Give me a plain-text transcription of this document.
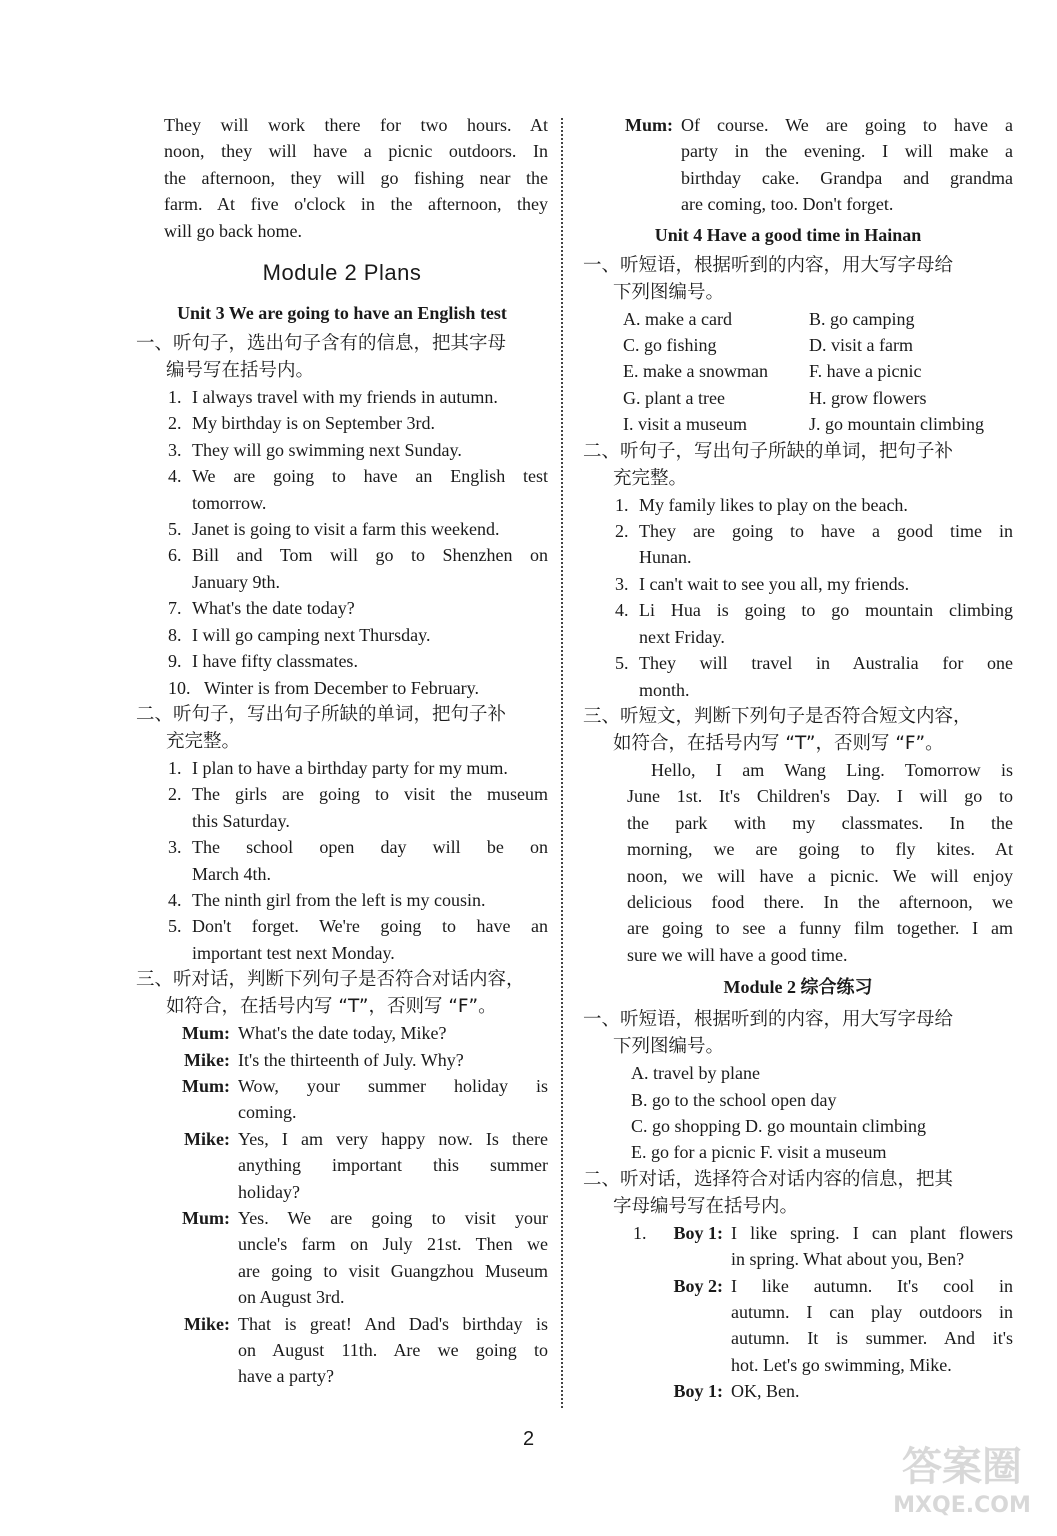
They will work there for two hours. At
noon, they will have a picnic outdoors. In
the afternoon, they will go fishing near the
farm. At five o'clock in the afternoon, they
will go back home.
Module 2 Plans
Unit 3 We are going to have an English test
一、听句子，选出句子含有的信息，把其字母
编号写在括号内。
1. I always travel with my friends in autumn.
2. My birthday is on September 3rd.
3. They will go swimming next Sunday.
4. We are going to have an English test
tomorrow.
5. Janet is going to visit a farm this weekend.
6. Bill and Tom will go to Shenzhen on
January 9th.
7. What's the date today?
8. I will go camping next Thursday.
9. I have fifty classmates.
10. Winter is from December to February.
二、听句子，写出句子所缺的单词，把句子补
充完整。
1. I plan to have a birthday party for my mum.
2. The girls are going to visit the museum
this Saturday.
3. The school open day will be on
March 4th.
4. The ninth girl from the left is my cousin.
5. Don't forget. We're going to have an
important test next Monday.
三、听对话，判断下列句子是否符合对话内容，
如符合，在括号内写 “T”，否则写 “F”。
Mum: What's the date today, Mike?
Mike: It's the thirteenth of July. Why?
Mum: Wow, your summer holiday is
coming.
Mike: Yes, I am very happy now. Is there
anything important this summer
holiday?
Mum: Yes. We are going to visit your
uncle's farm on July 21st. Then we
are going to visit Guangzhou Museum
on August 3rd.
Mike: That is great! And Dad's birthday is
on August 11th. Are we going to
have a party?
Mum: Of course. We are going to have a
party in the evening. I will make a
birthday cake. Grandpa and grandma
are coming, too. Don't forget.
Unit 4 Have a good time in Hainan
一、听短语，根据听到的内容，用大写字母给
下列图编号。
A. make a card	B. go camping
C. go fishing	D. visit a farm
E. make a snowman	F. have a picnic
G. plant a tree	H. grow flowers
I. visit a museum	J. go mountain climbing
二、听句子，写出句子所缺的单词，把句子补
充完整。
1. My family likes to play on the beach.
2. They are going to have a good time in
Hunan.
3. I can't wait to see you all, my friends.
4. Li Hua is going to go mountain climbing
next Friday.
5. They will travel in Australia for one
month.
三、听短文，判断下列句子是否符合短文内容，
如符合，在括号内写 “T”，否则写 “F”。
Hello, I am Wang Ling. Tomorrow is
June 1st. It's Children's Day. I will go to
the park with my classmates. In the
morning, we are going to fly kites. At
noon, we will have a picnic. We will enjoy
delicious food there. In the afternoon, we
are going to see a funny film together. I am
sure we will have a good time.
Module 2 综合练习
一、听短语，根据听到的内容，用大写字母给
下列图编号。
A. travel by plane
B. go to the school open day
C. go shopping D. go mountain climbing
E. go for a picnic F. visit a museum
二、听对话，选择符合对话内容的信息，把其
字母编号写在括号内。
1.	Boy 1: I like spring. I can plant flowers
in spring. What about you, Ben?
Boy 2: I like autumn. It's cool in
autumn. I can play outdoors in
autumn. It is summer. And it's
hot. Let's go swimming, Mike.
Boy 1: OK, Ben.
2
答案圈
MXQE.COM
